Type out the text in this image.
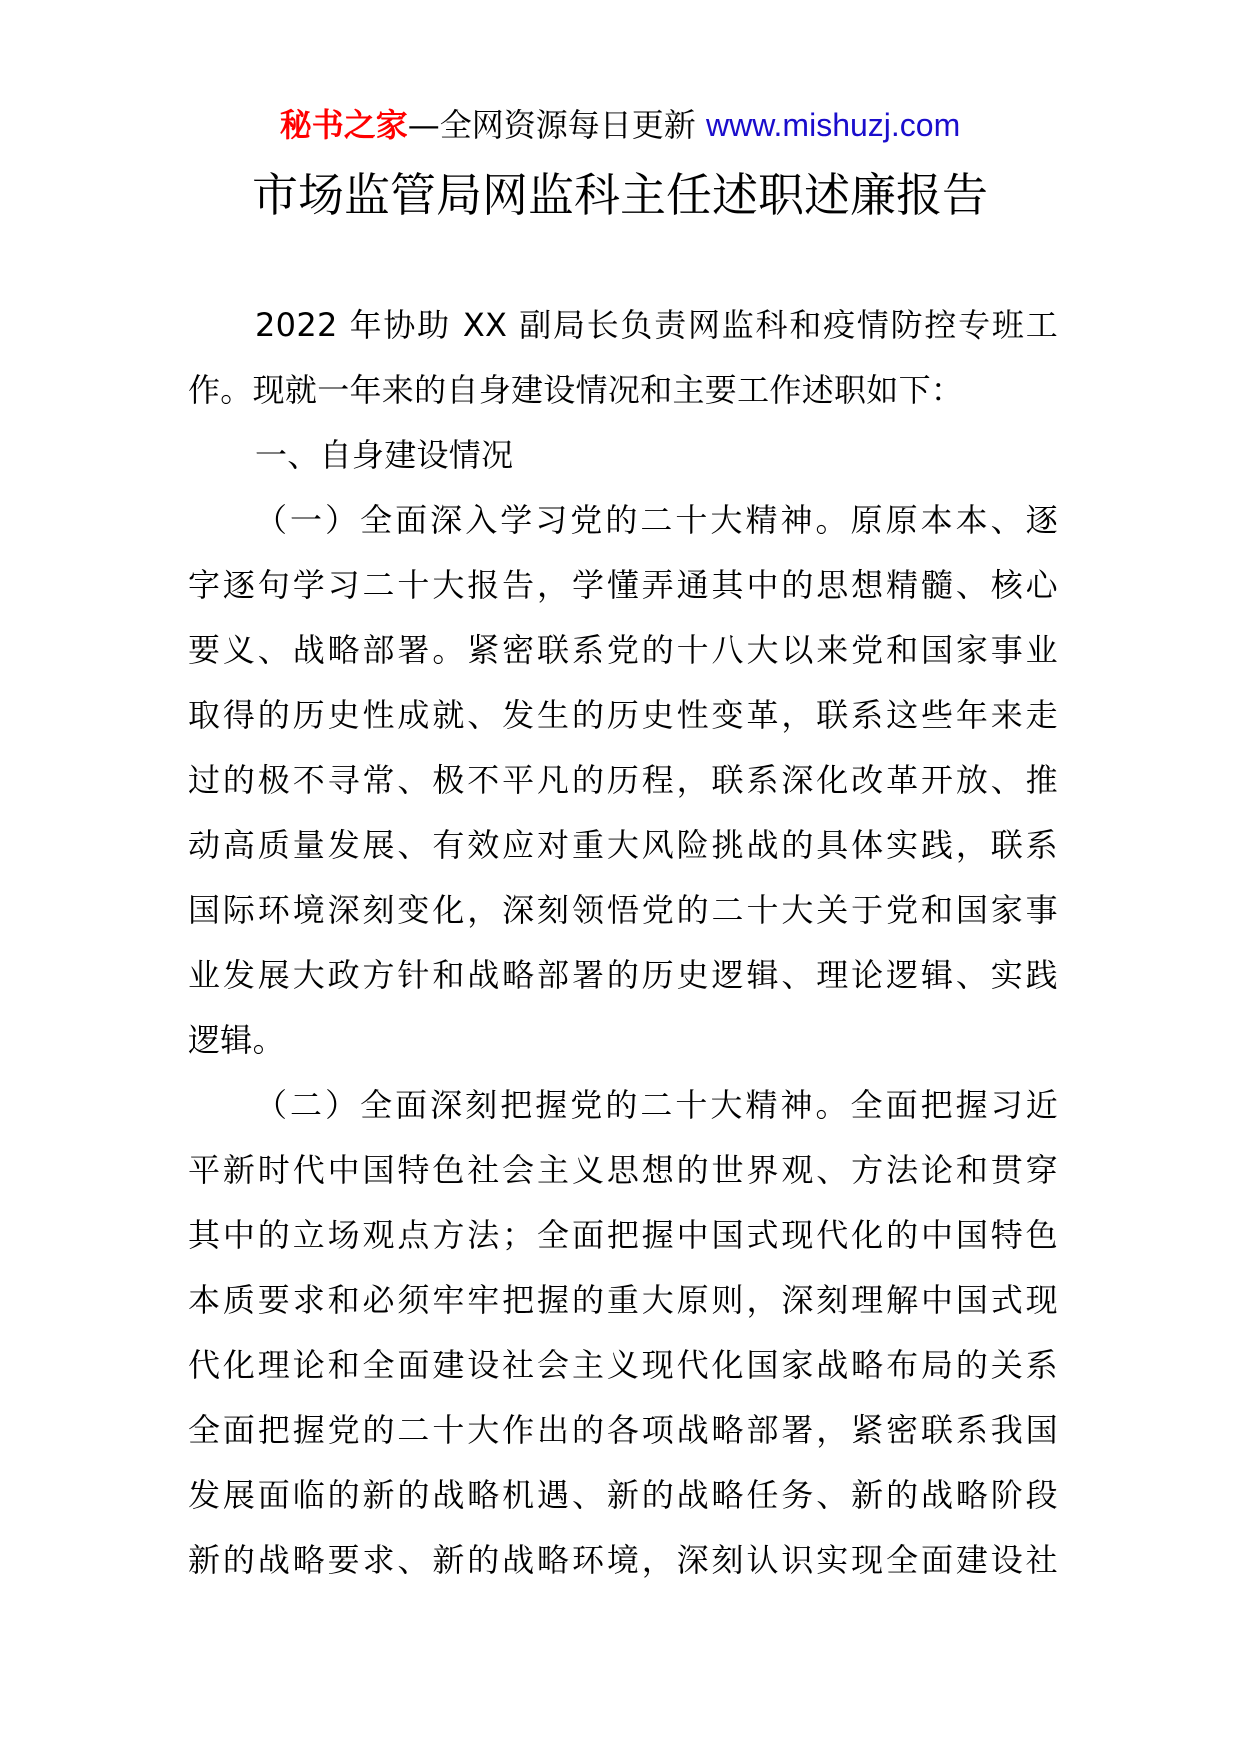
秘书之家—全网资源每日更新 www.mishuzj.com
市场监管局网监科主任述职述廉报告
2022 年协助 XX 副局长负责网监科和疫情防控专班工
作。现就一年来的自身建设情况和主要工作述职如下：
一、自身建设情况
（一）全面深入学习党的二十大精神。原原本本、逐
字逐句学习二十大报告，学懂弄通其中的思想精髓、核心
要义、战略部署。紧密联系党的十八大以来党和国家事业
取得的历史性成就、发生的历史性变革，联系这些年来走
过的极不寻常、极不平凡的历程，联系深化改革开放、推
动高质量发展、有效应对重大风险挑战的具体实践，联系
国际环境深刻变化，深刻领悟党的二十大关于党和国家事
业发展大政方针和战略部署的历史逻辑、理论逻辑、实践
逻辑。
（二）全面深刻把握党的二十大精神。全面把握习近
平新时代中国特色社会主义思想的世界观、方法论和贯穿
其中的立场观点方法；全面把握中国式现代化的中国特色
本质要求和必须牢牢把握的重大原则，深刻理解中国式现
代化理论和全面建设社会主义现代化国家战略布局的关系
全面把握党的二十大作出的各项战略部署，紧密联系我国
发展面临的新的战略机遇、新的战略任务、新的战略阶段
新的战略要求、新的战略环境，深刻认识实现全面建设社
